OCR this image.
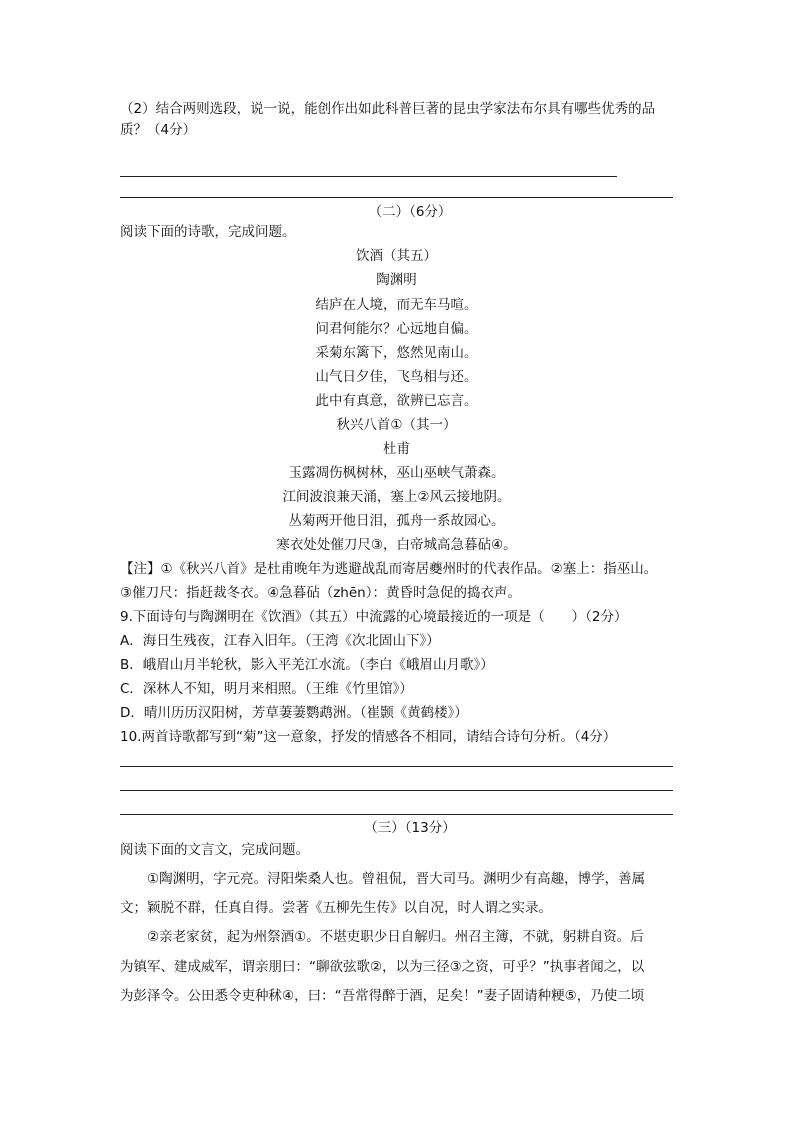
（2）结合两则选段，说一说，能创作出如此科普巨著的昆虫学家法布尔具有哪些优秀的品
质？（4分）
（二）（6分）
阅读下面的诗歌，完成问题。
饮酒（其五）
陶渊明
结庐在人境，而无车马喧。
问君何能尔？心远地自偏。
采菊东篱下，悠然见南山。
山气日夕佳，飞鸟相与还。
此中有真意，欲辨已忘言。
秋兴八首①（其一）
杜甫
玉露凋伤枫树林，巫山巫峡气萧森。
江间波浪兼天涌，塞上②风云接地阴。
丛菊两开他日泪，孤舟一系故园心。
寒衣处处催刀尺③，白帝城高急暮砧④。
【注】①《秋兴八首》是杜甫晚年为逃避战乱而寄居夔州时的代表作品。②塞上：指巫山。
③催刀尺：指赶裁冬衣。④急暮砧（zhēn）：黄昏时急促的捣衣声。
9.下面诗句与陶渊明在《饮酒》（其五）中流露的心境最接近的一项是（　　）（2分）
A．海日生残夜，江春入旧年。（王湾《次北固山下》）
B．峨眉山月半轮秋，影入平羌江水流。（李白《峨眉山月歌》）
C．深林人不知，明月来相照。（王维《竹里馆》）
D．晴川历历汉阳树，芳草萋萋鹦鹉洲。（崔颢《黄鹤楼》）
10.两首诗歌都写到“菊”这一意象，抒发的情感各不相同，请结合诗句分析。（4分）
（三）（13分）
阅读下面的文言文，完成问题。
①陶渊明，字元亮。浔阳柴桑人也。曾祖侃，晋大司马。渊明少有高趣，博学，善属
文；颖脱不群，任真自得。尝著《五柳先生传》以自况，时人谓之实录。
②亲老家贫，起为州祭酒①。不堪吏职少日自解归。州召主簿，不就，躬耕自资。后
为镇军、建成威军，谓亲朋曰：“聊欲弦歌②，以为三径③之资，可乎？”执事者闻之，以
为彭泽令。公田悉令吏种秫④，曰：“吾常得醉于酒，足矣！”妻子固请种粳⑤，乃使二顷
